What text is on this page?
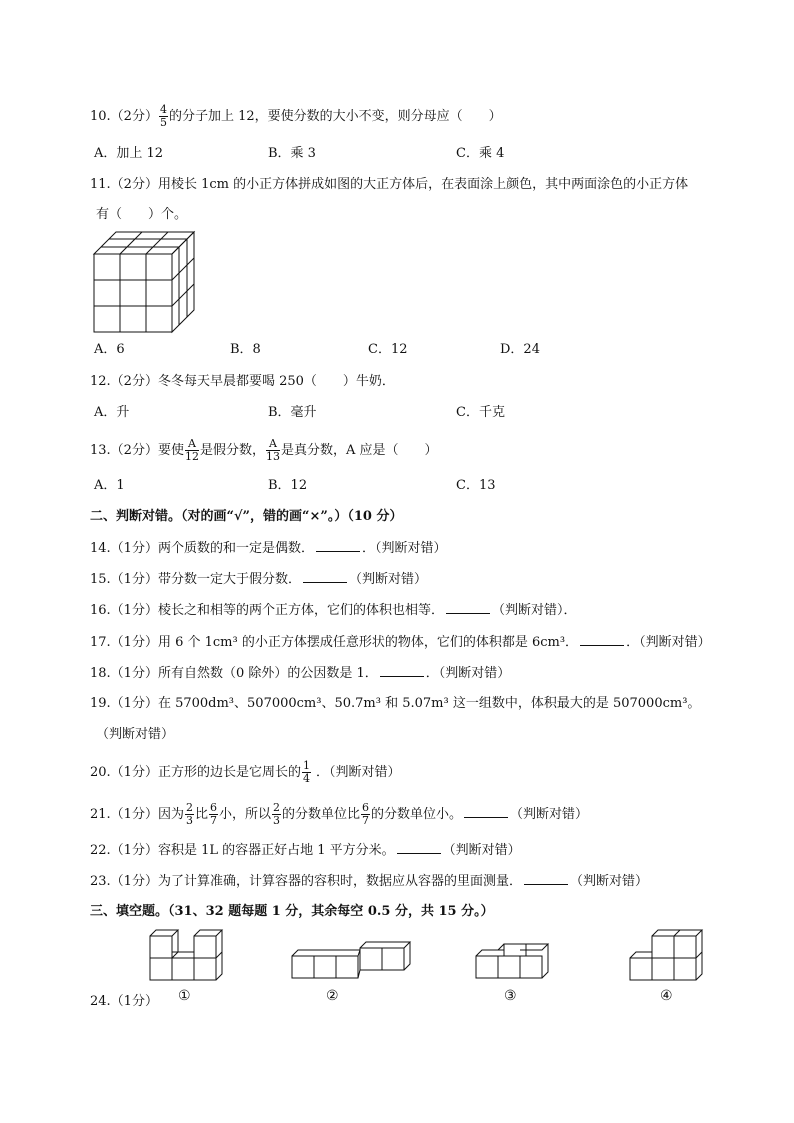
10.（2分） $\frac{4}{5}$ 的分子加上 12，要使分数的大小不变，则分母应（　　）
A．加上 12	B．乘 3	C．乘 4
11.（2分）用棱长 1cm 的小正方体拼成如图的大正方体后，在表面涂上颜色，其中两面涂色的小正方体
有（　　）个。
A．6	B．8	C．12	D．24
12.（2分）冬冬每天早晨都要喝 250（　　）牛奶．
A．升	B．毫升	C．千克
13.（2分）要使 $\frac{A}{12}$ 是假分数， $\frac{A}{13}$ 是真分数，A 应是（　　）
A．1	B．12	C．13
二、判断对错。（对的画“√”，错的画“×”。）（10 分）
14.（1分）两个质数的和一定是偶数．	．（判断对错）
15.（1分）带分数一定大于假分数．	（判断对错）
16.（1分）棱长之和相等的两个正方体，它们的体积也相等．	（判断对错）．
17.（1分）用 6 个 1cm³ 的小正方体摆成任意形状的物体，它们的体积都是 6cm³．	．（判断对错）
18.（1分）所有自然数（0 除外）的公因数是 1．	．（判断对错）
19.（1分）在 5700dm³、507000cm³、50.7m³ 和 5.07m³ 这一组数中，体积最大的是 507000cm³。
（判断对错）
20.（1分）正方形的边长是它周长的 $\frac{1}{4}$ ．（判断对错）
21.（1分）因为 $\frac{2}{3}$ 比 $\frac{6}{7}$ 小，所以 $\frac{2}{3}$ 的分数单位比 $\frac{6}{7}$ 的分数单位小。	（判断对错）
22.（1分）容积是 1L 的容器正好占地 1 平方分米。	（判断对错）
23.（1分）为了计算准确，计算容器的容积时，数据应从容器的里面测量．	（判断对错）
三、填空题。（31、32 题每题 1 分，其余每空 0.5 分，共 15 分。）
24.（1分） ①	②	③	④
